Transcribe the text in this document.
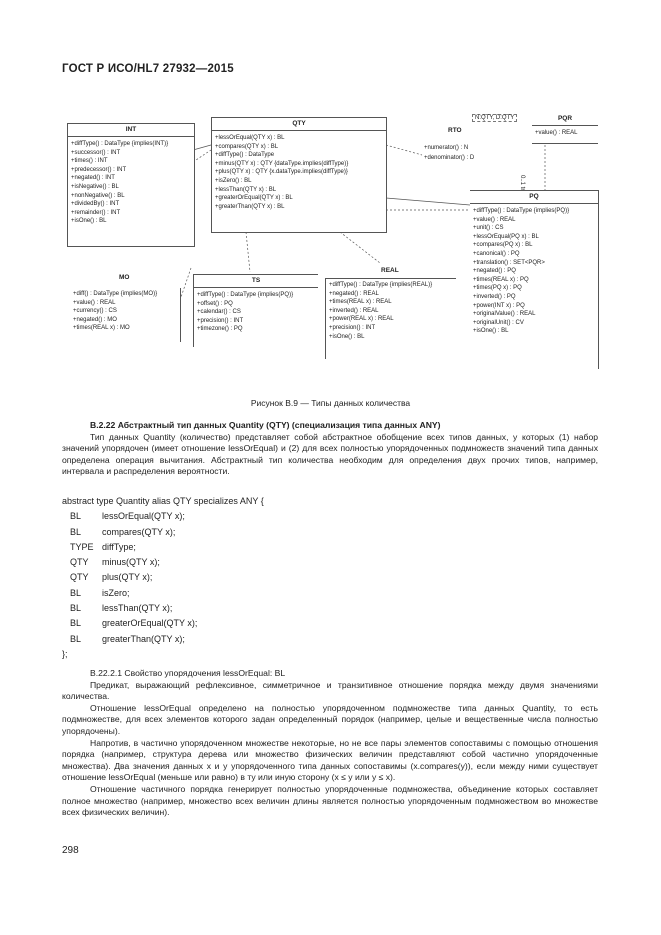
ГОСТ Р ИСО/HL7 27932—2015
INT
+diffType() : DataType {implies(INT)}
+successor() : INT
+times() : INT
+predecessor() : INT
+negated() : INT
+isNegative() : BL
+nonNegative() : BL
+dividedBy() : INT
+remainder() : INT
+isOne() : BL
QTY
+lessOrEqual(QTY x) : BL
+compares(QTY x) : BL
+diffType() : DataType
+minus(QTY x) : QTY {dataType.implies(diffType)}
+plus(QTY x) : QTY {x.dataType.implies(diffType)}
+isZero() : BL
+lessThan(QTY x) : BL
+greaterOrEqual(QTY x) : BL
+greaterThan(QTY x) : BL
RTO
N:QTY, D:QTY
+numerator() : N
+denominator() : D
PQR
+value() : REAL
PQ
+diffType() : DataType {implies(PQ)}
+value() : REAL
+unit() : CS
+lessOrEqual(PQ x) : BL
+compares(PQ x) : BL
+canonical() : PQ
+translation() : SET<PQR>
+negated() : PQ
+times(REAL x) : PQ
+times(PQ x) : PQ
+inverted() : PQ
+power(INT x) : PQ
+originalValue() : REAL
+originalUnit() : CV
+isOne() : BL
MO
+diff() : DataType {implies(MO)}
+value() : REAL
+currency() : CS
+negated() : MO
+times(REAL x) : MO
TS
+diffType() : DataType {implies(PQ)}
+offset() : PQ
+calendar() : CS
+precision() : INT
+timezone() : PQ
REAL
+diffType() : DataType {implies(REAL)}
+negated() : REAL
+times(REAL x) : REAL
+inverted() : REAL
+power(REAL x) : REAL
+precision() : INT
+isOne() : BL
Рисунок B.9 — Типы данных количества

B.2.22 Абстрактный тип данных Quantity (QTY) (специализация типа данных ANY)

Тип данных Quantity (количество) представляет собой абстрактное обобщение всех типов данных, у которых (1) набор значений упорядочен (имеет отношение lessOrEqual) и (2) для всех полностью упорядоченных подмножеств значений типа данных определена операция вычитания. Абстрактный тип количества необходим для определения двух прочих типов, например, интервала и распределения вероятности.

abstract type Quantity alias QTY specializes ANY {
BL lessOrEqual(QTY x);
BL compares(QTY x);
TYPE diffType;
QTY minus(QTY x);
QTY plus(QTY x);
BL isZero;
BL lessThan(QTY x);
BL greaterOrEqual(QTY x);
BL greaterThan(QTY x);
};

B.22.2.1 Свойство упорядочения lessOrEqual: BL

Предикат, выражающий рефлексивное, симметричное и транзитивное отношение порядка между двумя значениями количества.

Отношение lessOrEqual определено на полностью упорядоченном подмножестве типа данных Quantity, то есть подмножестве, для всех элементов которого задан определенный порядок (например, целые и вещественные числа полностью упорядочены).

Напротив, в частично упорядоченном множестве некоторые, но не все пары элементов сопоставимы с помощью отношения порядка (например, структура дерева или множество физических величин представляют собой частично упорядоченные множества). Два значения данных x и y упорядоченного типа данных сопоставимы (x.compares(y)), если между ними существует отношение lessOrEqual (меньше или равно) в ту или иную сторону (x ≤ y или y ≤ x).

Отношение частичного порядка генерирует полностью упорядоченные подмножества, объединение которых составляет полное множество (например, множество всех величин длины является полностью упорядоченным подмножеством во множестве всех физических величин).

298
